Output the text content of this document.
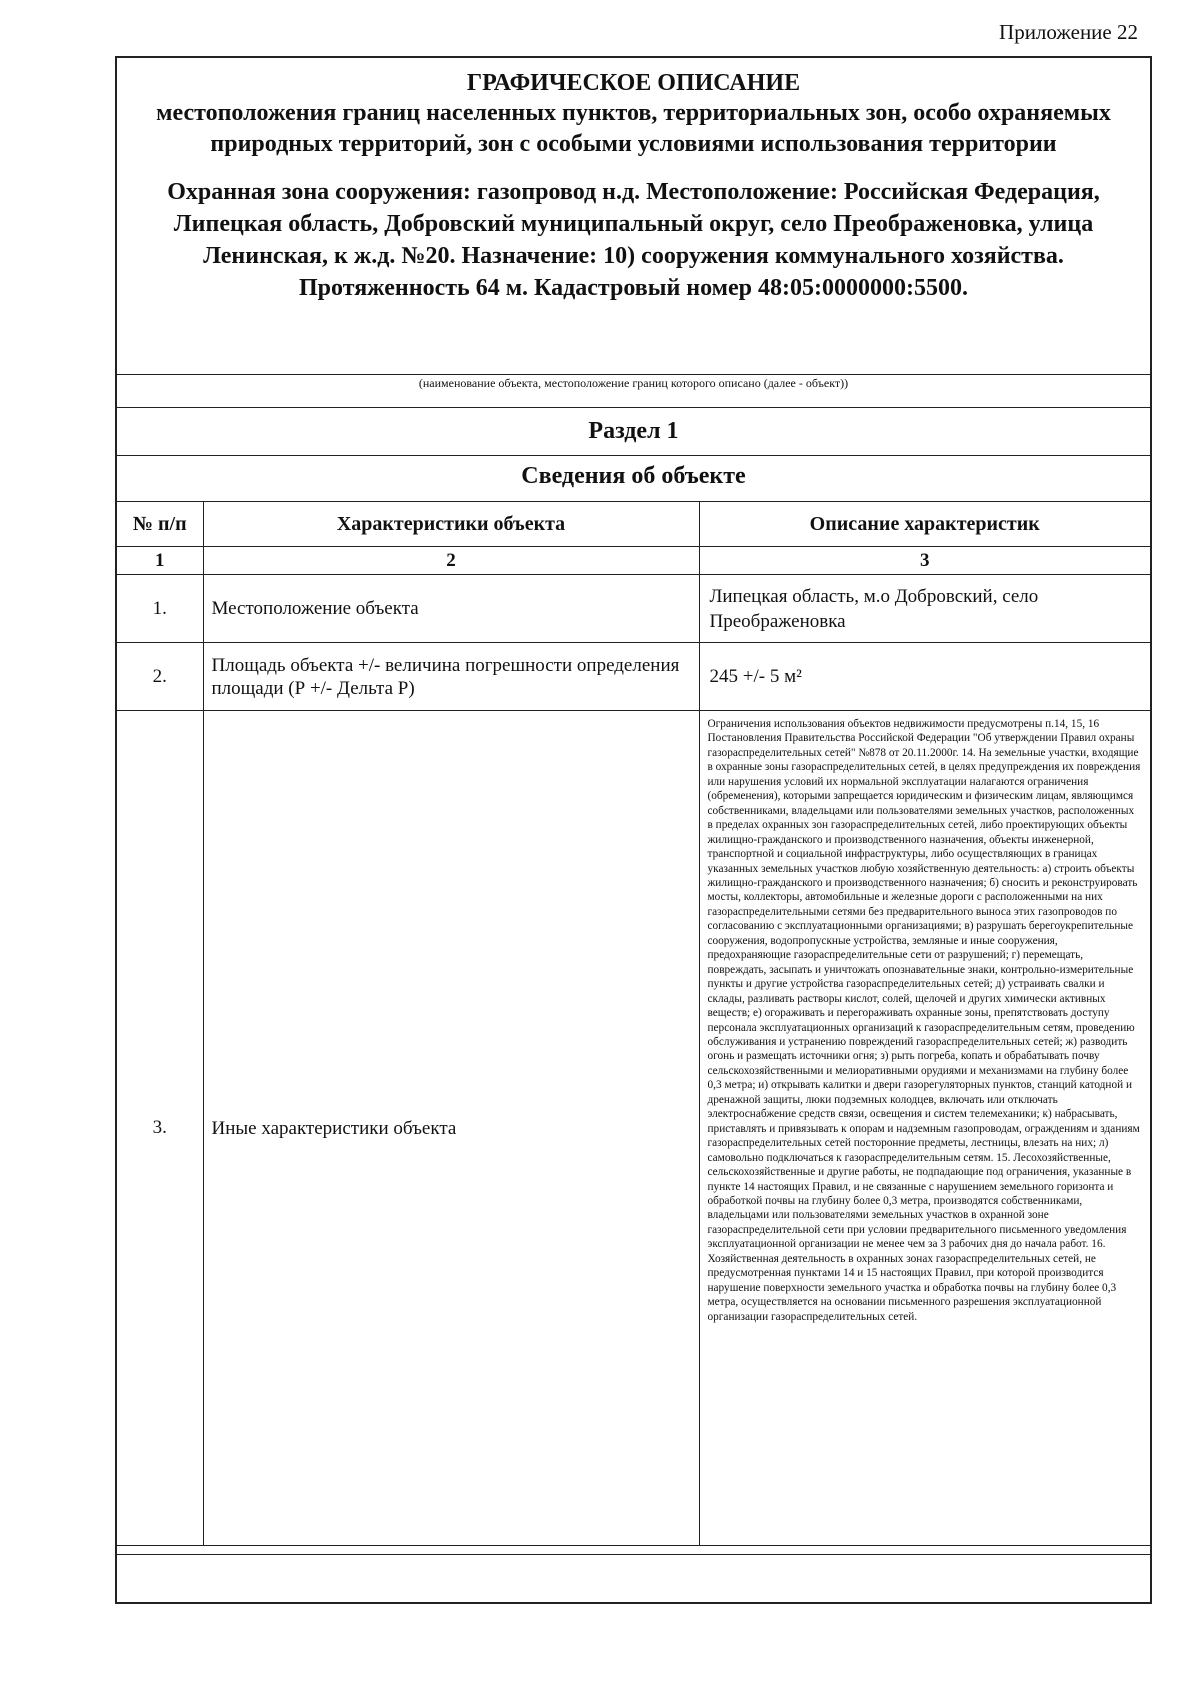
Приложение 22
ГРАФИЧЕСКОЕ ОПИСАНИЕ
местоположения границ населенных пунктов, территориальных зон, особо охраняемых природных территорий, зон с особыми условиями использования территории
Охранная зона сооружения: газопровод н.д. Местоположение: Российская Федерация, Липецкая область, Добровский муниципальный округ, село Преображеновка, улица Ленинская, к ж.д. №20. Назначение: 10) сооружения коммунального хозяйства. Протяженность 64 м. Кадастровый номер 48:05:0000000:5500.
(наименование объекта, местоположение границ которого описано (далее - объект))
Раздел 1
Сведения об объекте
№ п/п	Характеристики объекта	Описание характеристик
1	2	3
1.	Местоположение объекта	Липецкая область, м.о Добровский, село Преображеновка
2.	Площадь объекта +/- величина погрешности определения площади (Р +/- Дельта Р)	245 +/- 5 м²
3.	Иные характеристики объекта	Ограничения использования объектов недвижимости предусмотрены п.14, 15, 16 Постановления Правительства Российской Федерации "Об утверждении Правил охраны газораспределительных сетей" №878 от 20.11.2000г. 14. На земельные участки, входящие в охранные зоны газораспределительных сетей, в целях предупреждения их повреждения или нарушения условий их нормальной эксплуатации налагаются ограничения (обременения), которыми запрещается юридическим и физическим лицам, являющимся собственниками, владельцами или пользователями земельных участков, расположенных в пределах охранных зон газораспределительных сетей, либо проектирующих объекты жилищно-гражданского и производственного назначения, объекты инженерной, транспортной и социальной инфраструктуры, либо осуществляющих в границах указанных земельных участков любую хозяйственную деятельность: а) строить объекты жилищно-гражданского и производственного назначения; б) сносить и реконструировать мосты, коллекторы, автомобильные и железные дороги с расположенными на них газораспределительными сетями без предварительного выноса этих газопроводов по согласованию с эксплуатационными организациями; в) разрушать берегоукрепительные сооружения, водопропускные устройства, земляные и иные сооружения, предохраняющие газораспределительные сети от разрушений; г) перемещать, повреждать, засыпать и уничтожать опознавательные знаки, контрольно-измерительные пункты и другие устройства газораспределительных сетей; д) устраивать свалки и склады, разливать растворы кислот, солей, щелочей и других химически активных веществ; е) огораживать и перегораживать охранные зоны, препятствовать доступу персонала эксплуатационных организаций к газораспределительным сетям, проведению обслуживания и устранению повреждений газораспределительных сетей; ж) разводить огонь и размещать источники огня; з) рыть погреба, копать и обрабатывать почву сельскохозяйственными и мелиоративными орудиями и механизмами на глубину более 0,3 метра; и) открывать калитки и двери газорегуляторных пунктов, станций катодной и дренажной защиты, люки подземных колодцев, включать или отключать электроснабжение средств связи, освещения и систем телемеханики; к) набрасывать, приставлять и привязывать к опорам и надземным газопроводам, ограждениям и зданиям газораспределительных сетей посторонние предметы, лестницы, влезать на них; л) самовольно подключаться к газораспределительным сетям. 15. Лесохозяйственные, сельскохозяйственные и другие работы, не подпадающие под ограничения, указанные в пункте 14 настоящих Правил, и не связанные с нарушением земельного горизонта и обработкой почвы на глубину более 0,3 метра, производятся собственниками, владельцами или пользователями земельных участков в охранной зоне газораспределительной сети при условии предварительного письменного уведомления эксплуатационной организации не менее чем за 3 рабочих дня до начала работ. 16. Хозяйственная деятельность в охранных зонах газораспределительных сетей, не предусмотренная пунктами 14 и 15 настоящих Правил, при которой производится нарушение поверхности земельного участка и обработка почвы на глубину более 0,3 метра, осуществляется на основании письменного разрешения эксплуатационной организации газораспределительных сетей.
